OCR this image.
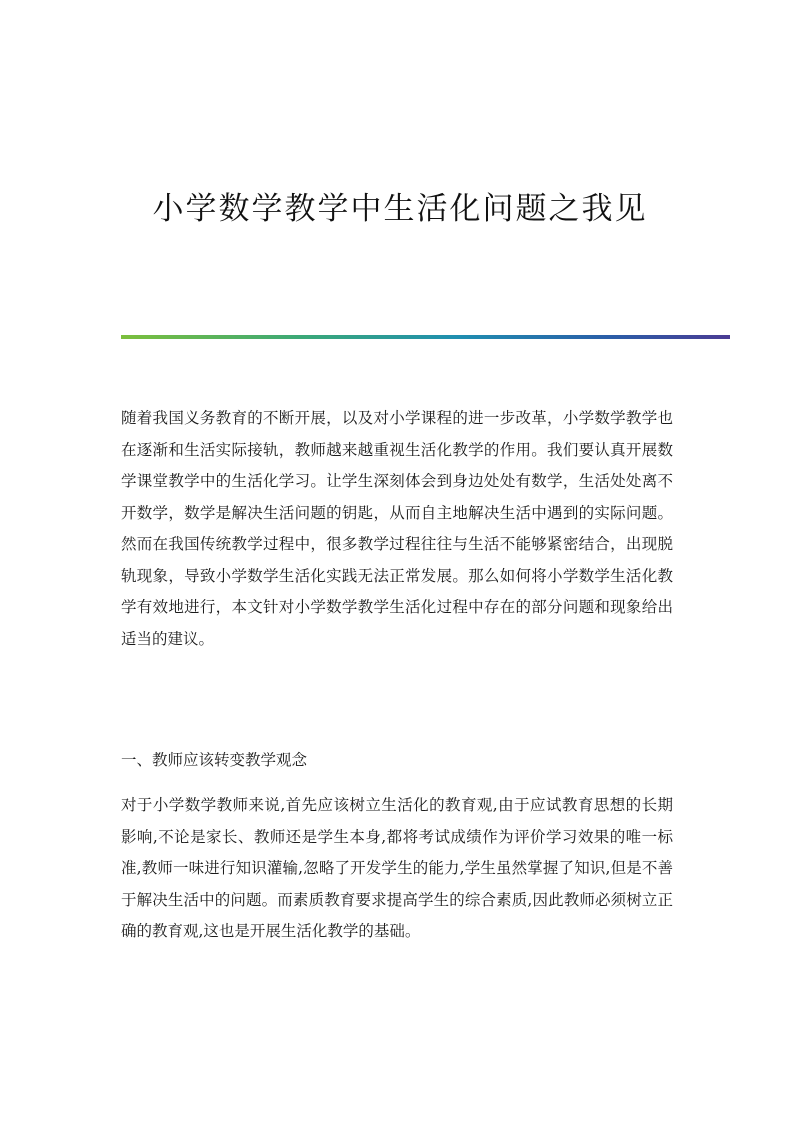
小学数学教学中生活化问题之我见

随着我国义务教育的不断开展，以及对小学课程的进一步改革，小学数学教学也在逐渐和生活实际接轨，教师越来越重视生活化教学的作用。我们要认真开展数学课堂教学中的生活化学习。让学生深刻体会到身边处处有数学，生活处处离不开数学，数学是解决生活问题的钥匙，从而自主地解决生活中遇到的实际问题。然而在我国传统教学过程中，很多教学过程往往与生活不能够紧密结合，出现脱轨现象，导致小学数学生活化实践无法正常发展。那么如何将小学数学生活化教学有效地进行，本文针对小学数学教学生活化过程中存在的部分问题和现象给出适当的建议。

一、教师应该转变教学观念

对于小学数学教师来说,首先应该树立生活化的教育观,由于应试教育思想的长期影响,不论是家长、教师还是学生本身,都将考试成绩作为评价学习效果的唯一标准,教师一味进行知识灌输,忽略了开发学生的能力,学生虽然掌握了知识,但是不善于解决生活中的问题。而素质教育要求提高学生的综合素质,因此教师必须树立正确的教育观,这也是开展生活化教学的基础。
